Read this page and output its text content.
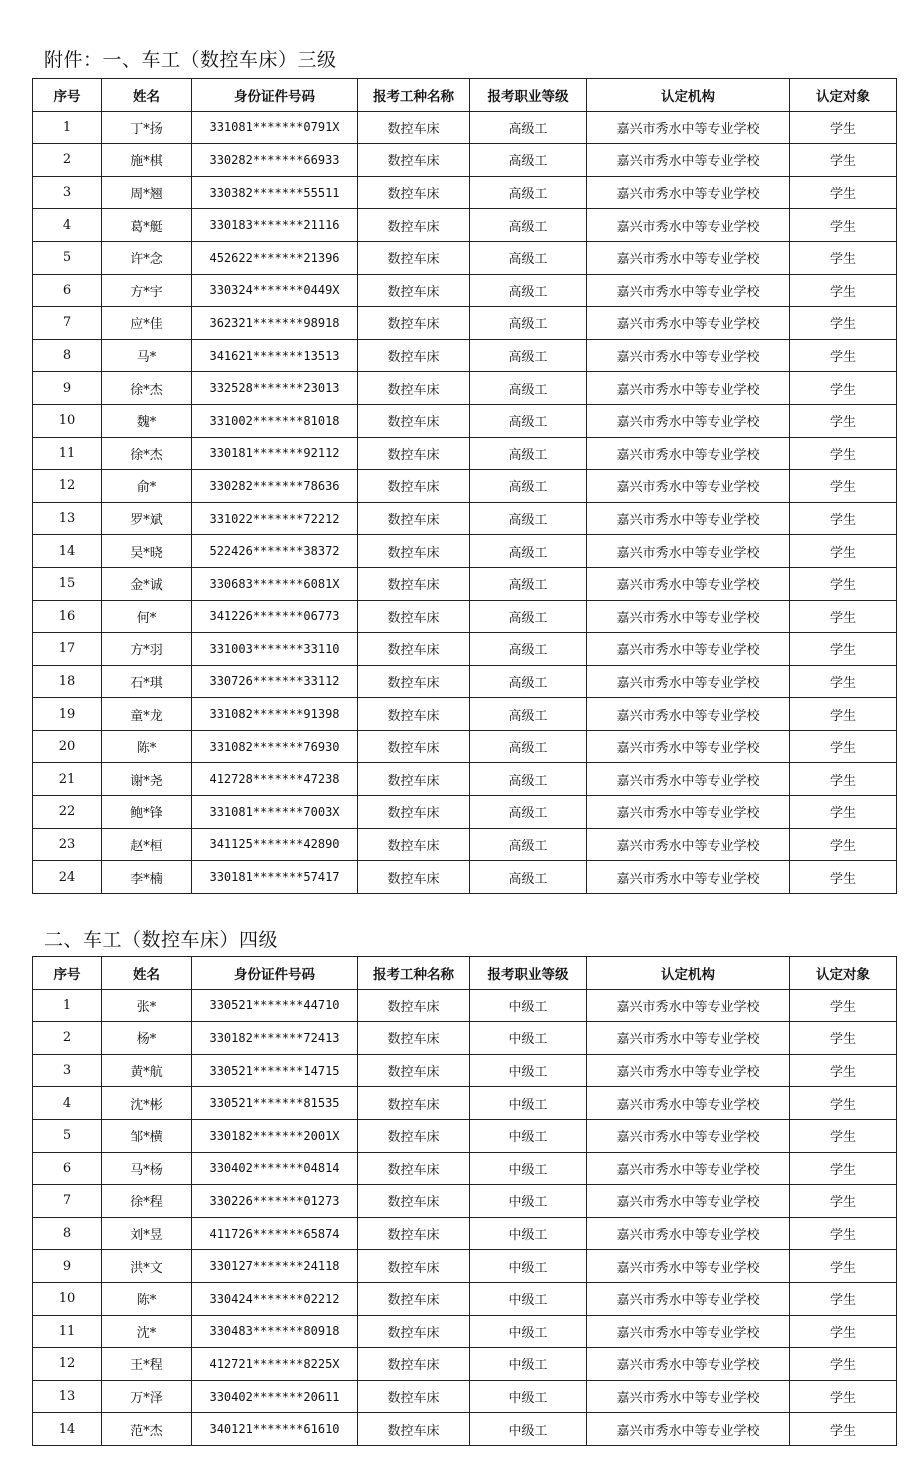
附件：一、车工（数控车床）三级
序号	姓名	身份证件号码	报考工种名称	报考职业等级	认定机构	认定对象
1	丁*扬	331081*******0791X	数控车床	高级工	嘉兴市秀水中等专业学校	学生
2	施*棋	330282*******66933	数控车床	高级工	嘉兴市秀水中等专业学校	学生
3	周*翘	330382*******55511	数控车床	高级工	嘉兴市秀水中等专业学校	学生
4	葛*艇	330183*******21116	数控车床	高级工	嘉兴市秀水中等专业学校	学生
5	许*念	452622*******21396	数控车床	高级工	嘉兴市秀水中等专业学校	学生
6	方*宇	330324*******0449X	数控车床	高级工	嘉兴市秀水中等专业学校	学生
7	应*佳	362321*******98918	数控车床	高级工	嘉兴市秀水中等专业学校	学生
8	马*	341621*******13513	数控车床	高级工	嘉兴市秀水中等专业学校	学生
9	徐*杰	332528*******23013	数控车床	高级工	嘉兴市秀水中等专业学校	学生
10	魏*	331002*******81018	数控车床	高级工	嘉兴市秀水中等专业学校	学生
11	徐*杰	330181*******92112	数控车床	高级工	嘉兴市秀水中等专业学校	学生
12	俞*	330282*******78636	数控车床	高级工	嘉兴市秀水中等专业学校	学生
13	罗*斌	331022*******72212	数控车床	高级工	嘉兴市秀水中等专业学校	学生
14	吴*晓	522426*******38372	数控车床	高级工	嘉兴市秀水中等专业学校	学生
15	金*诚	330683*******6081X	数控车床	高级工	嘉兴市秀水中等专业学校	学生
16	何*	341226*******06773	数控车床	高级工	嘉兴市秀水中等专业学校	学生
17	方*羽	331003*******33110	数控车床	高级工	嘉兴市秀水中等专业学校	学生
18	石*琪	330726*******33112	数控车床	高级工	嘉兴市秀水中等专业学校	学生
19	童*龙	331082*******91398	数控车床	高级工	嘉兴市秀水中等专业学校	学生
20	陈*	331082*******76930	数控车床	高级工	嘉兴市秀水中等专业学校	学生
21	谢*尧	412728*******47238	数控车床	高级工	嘉兴市秀水中等专业学校	学生
22	鲍*锋	331081*******7003X	数控车床	高级工	嘉兴市秀水中等专业学校	学生
23	赵*桓	341125*******42890	数控车床	高级工	嘉兴市秀水中等专业学校	学生
24	李*楠	330181*******57417	数控车床	高级工	嘉兴市秀水中等专业学校	学生
二、车工（数控车床）四级
序号	姓名	身份证件号码	报考工种名称	报考职业等级	认定机构	认定对象
1	张*	330521*******44710	数控车床	中级工	嘉兴市秀水中等专业学校	学生
2	杨*	330182*******72413	数控车床	中级工	嘉兴市秀水中等专业学校	学生
3	黄*航	330521*******14715	数控车床	中级工	嘉兴市秀水中等专业学校	学生
4	沈*彬	330521*******81535	数控车床	中级工	嘉兴市秀水中等专业学校	学生
5	邹*横	330182*******2001X	数控车床	中级工	嘉兴市秀水中等专业学校	学生
6	马*杨	330402*******04814	数控车床	中级工	嘉兴市秀水中等专业学校	学生
7	徐*程	330226*******01273	数控车床	中级工	嘉兴市秀水中等专业学校	学生
8	刘*昱	411726*******65874	数控车床	中级工	嘉兴市秀水中等专业学校	学生
9	洪*文	330127*******24118	数控车床	中级工	嘉兴市秀水中等专业学校	学生
10	陈*	330424*******02212	数控车床	中级工	嘉兴市秀水中等专业学校	学生
11	沈*	330483*******80918	数控车床	中级工	嘉兴市秀水中等专业学校	学生
12	王*程	412721*******8225X	数控车床	中级工	嘉兴市秀水中等专业学校	学生
13	万*泽	330402*******20611	数控车床	中级工	嘉兴市秀水中等专业学校	学生
14	范*杰	340121*******61610	数控车床	中级工	嘉兴市秀水中等专业学校	学生
